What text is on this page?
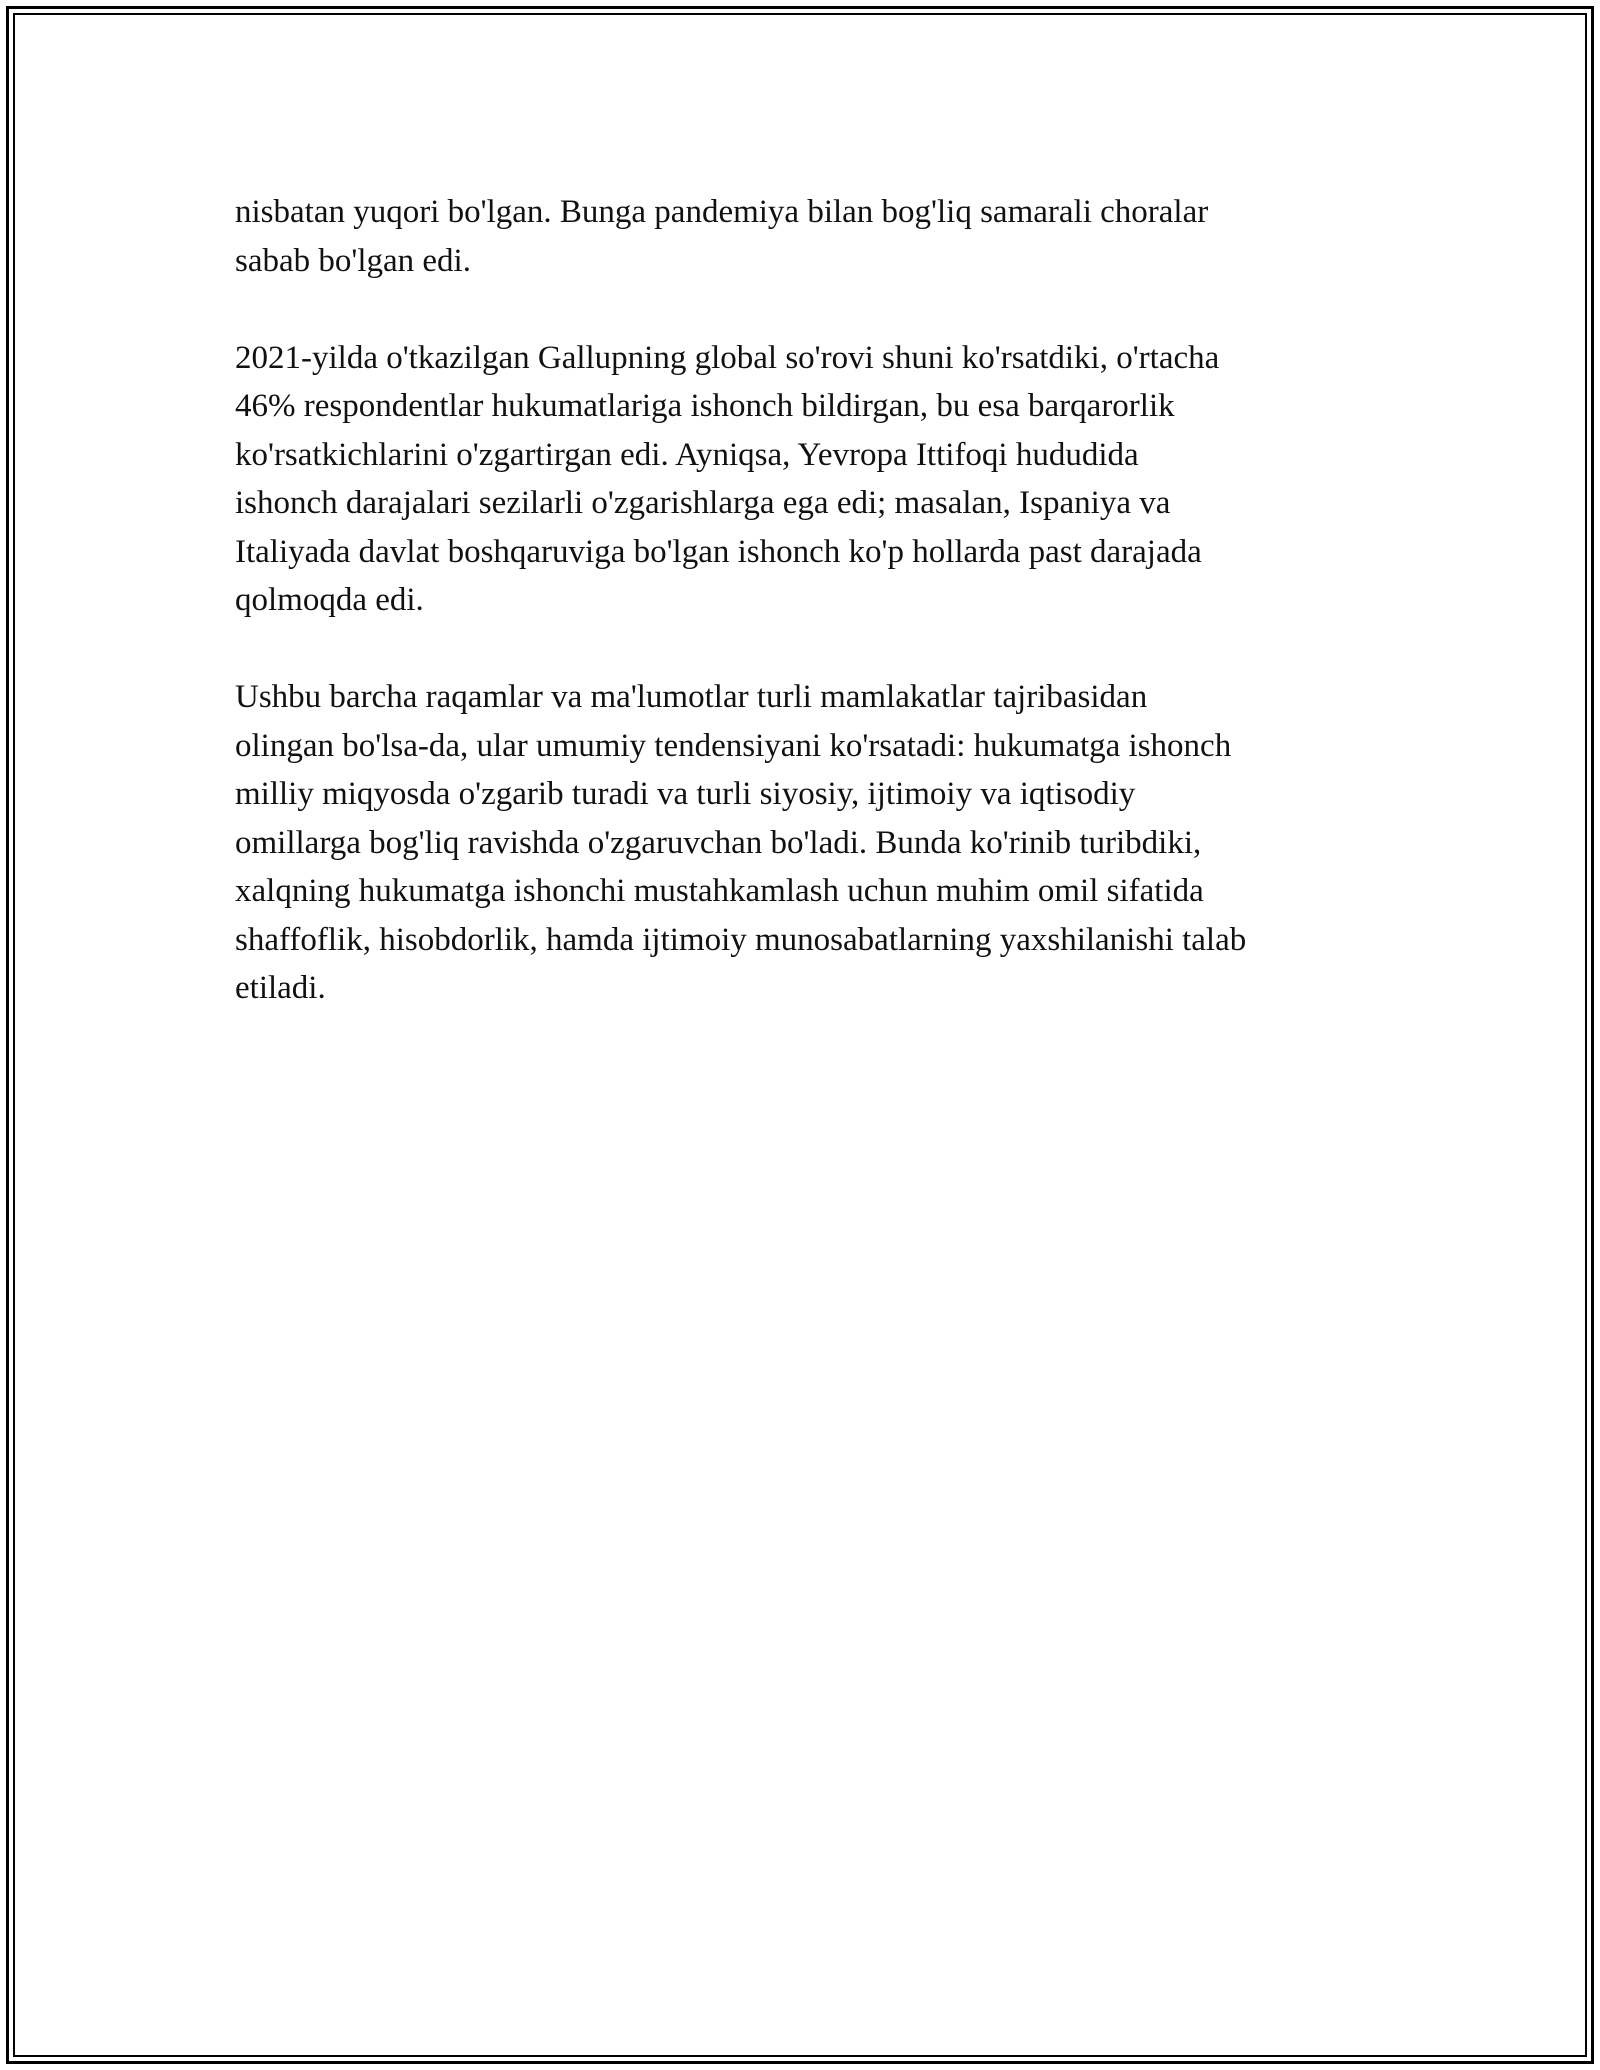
nisbatan yuqori bo'lgan. Bunga pandemiya bilan bog'liq samarali choralar
sabab bo'lgan edi.

2021-yilda o'tkazilgan Gallupning global so'rovi shuni ko'rsatdiki, o'rtacha
46% respondentlar hukumatlariga ishonch bildirgan, bu esa barqarorlik
ko'rsatkichlarini o'zgartirgan edi. Ayniqsa, Yevropa Ittifoqi hududida
ishonch darajalari sezilarli o'zgarishlarga ega edi; masalan, Ispaniya va
Italiyada davlat boshqaruviga bo'lgan ishonch ko'p hollarda past darajada
qolmoqda edi.

Ushbu barcha raqamlar va ma'lumotlar turli mamlakatlar tajribasidan
olingan bo'lsa-da, ular umumiy tendensiyani ko'rsatadi: hukumatga ishonch
milliy miqyosda o'zgarib turadi va turli siyosiy, ijtimoiy va iqtisodiy
omillarga bog'liq ravishda o'zgaruvchan bo'ladi. Bunda ko'rinib turibdiki,
xalqning hukumatga ishonchi mustahkamlash uchun muhim omil sifatida
shaffoflik, hisobdorlik, hamda ijtimoiy munosabatlarning yaxshilanishi talab
etiladi.
